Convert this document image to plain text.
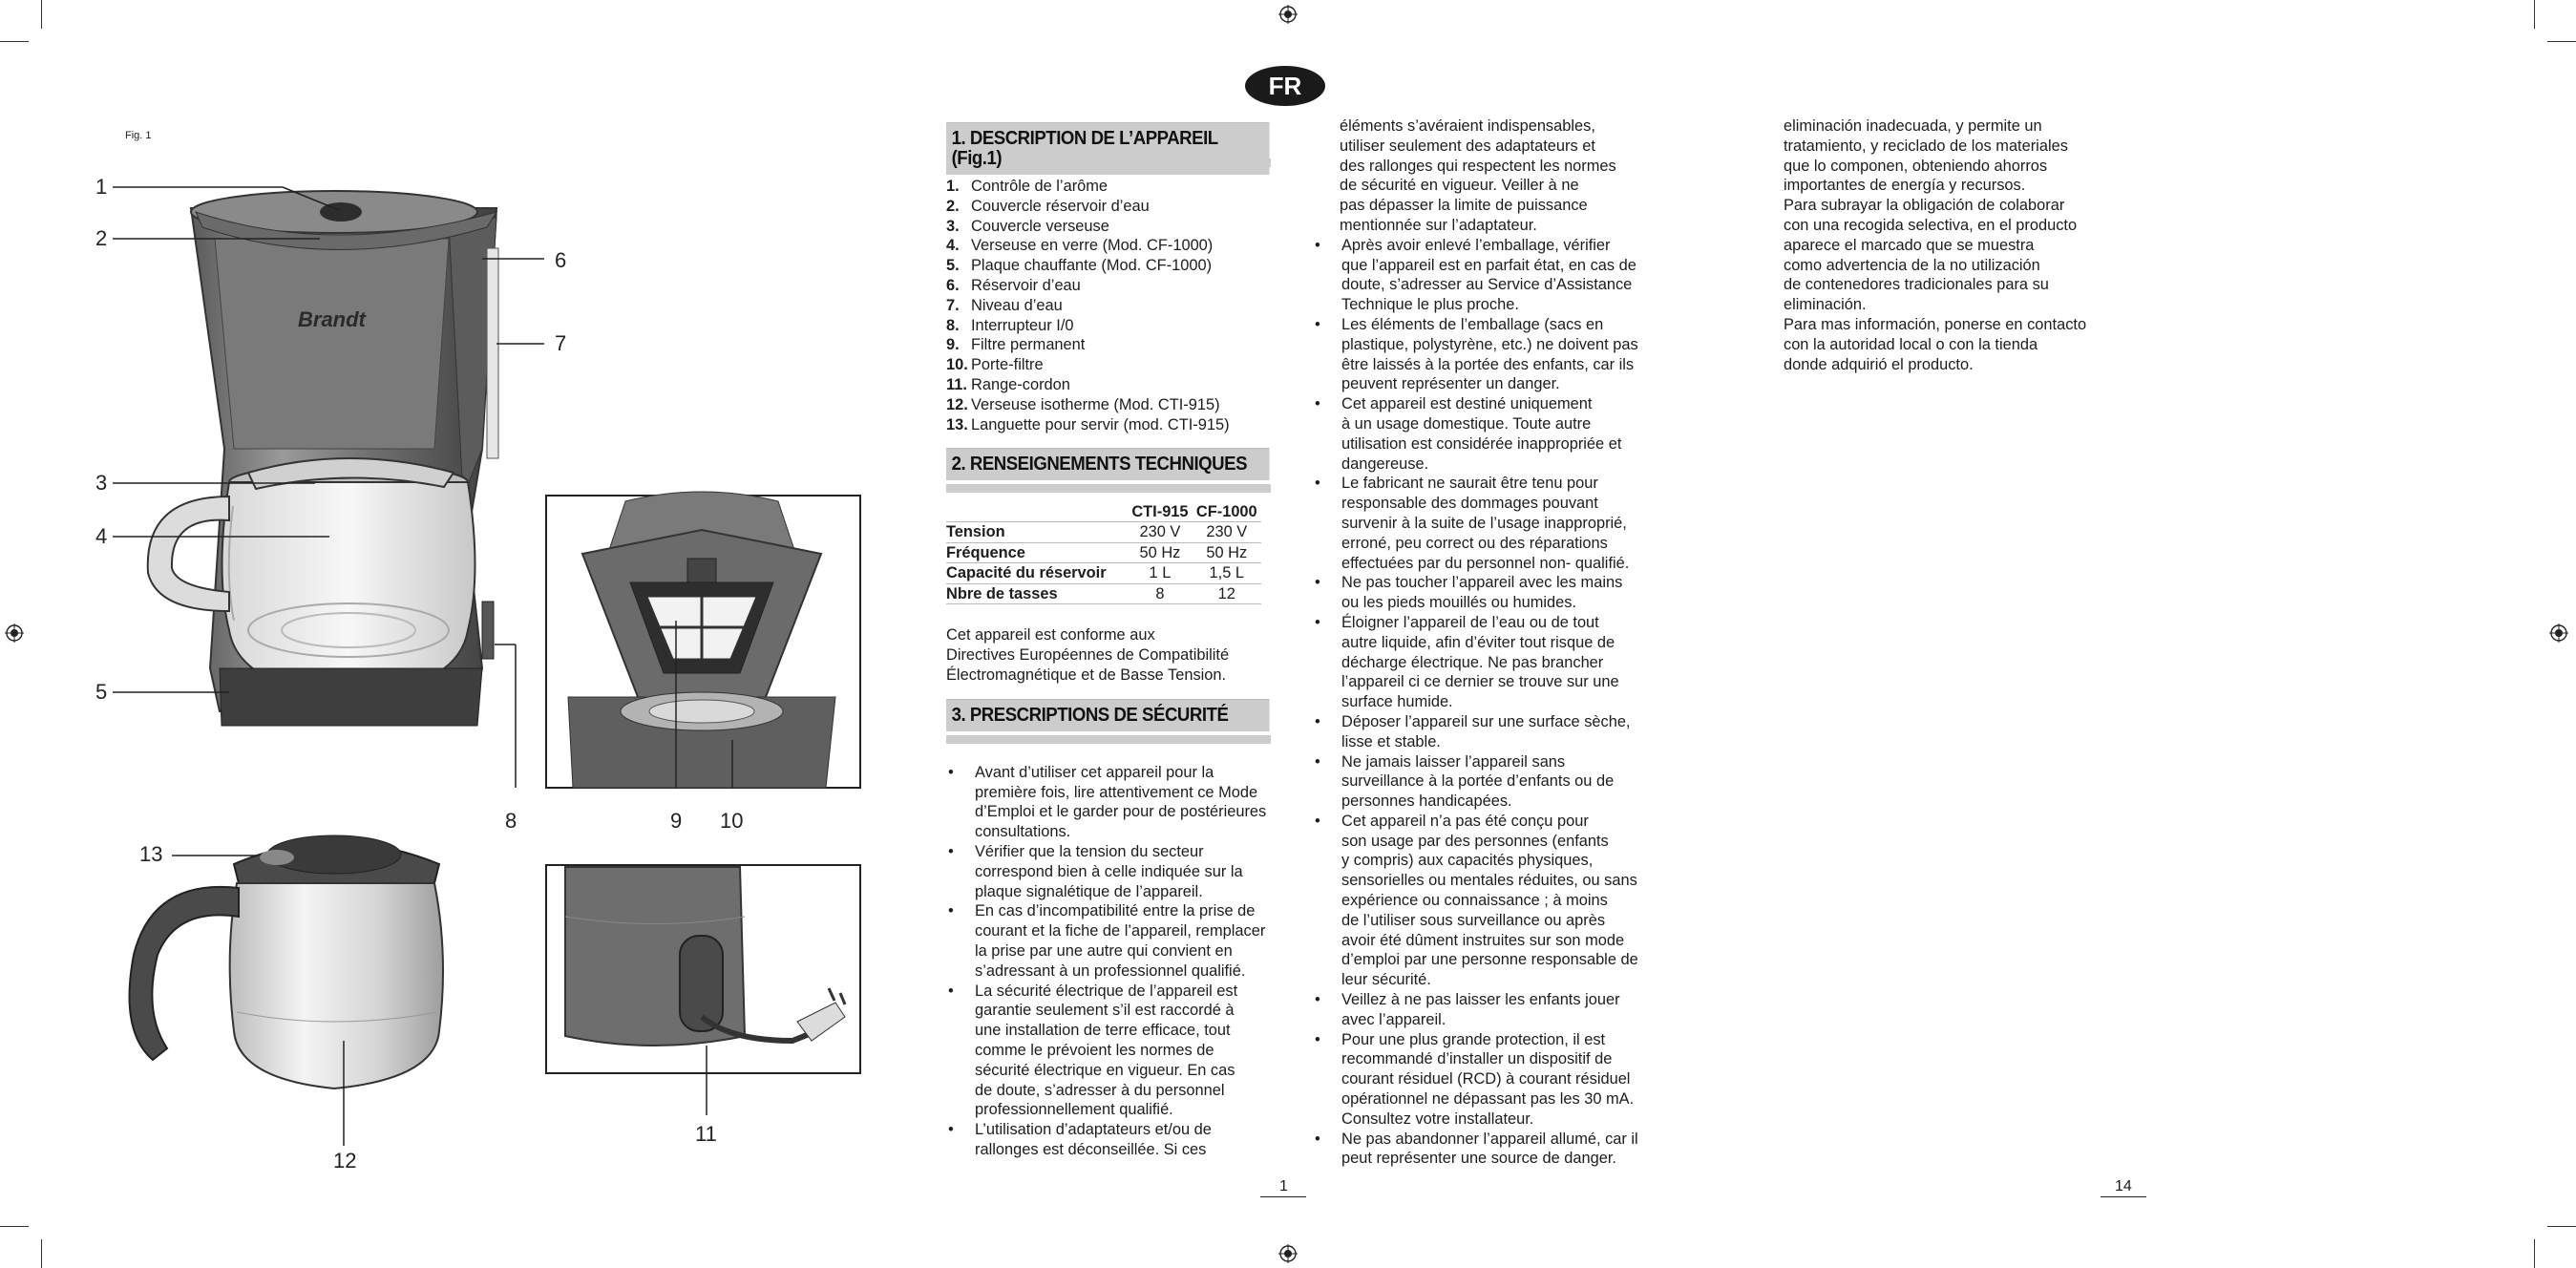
FR
Fig. 1
Brandt
1
2
3
4
5
6
7
8	9 10
11
12
13
1. DESCRIPTION DE L’APPAREIL (Fig.1)
1. Contrôle de l’arôme
2. Couvercle réservoir d’eau
3. Couvercle verseuse
4. Verseuse en verre (Mod. CF-1000)
5. Plaque chauffante (Mod. CF-1000)
6. Réservoir d’eau
7. Niveau d’eau
8. Interrupteur I/0
9. Filtre permanent
10. Porte-filtre
11. Range-cordon
12. Verseuse isotherme (Mod. CTI-915)
13. Languette pour servir (mod. CTI-915)
2. RENSEIGNEMENTS TECHNIQUES
	CTI-915	CF-1000
Tension	230 V	230 V
Fréquence	50 Hz	50 Hz
Capacité du réservoir	1 L	1,5 L
Nbre de tasses	8	12
Cet appareil est conforme aux
Directives Européennes de Compatibilité
Électromagnétique et de Basse Tension.
3. PRESCRIPTIONS DE SÉCURITÉ
•	Avant d’utiliser cet appareil pour la
première fois, lire attentivement ce Mode
d’Emploi et le garder pour de postérieures
consultations.
•	Vérifier que la tension du secteur
correspond bien à celle indiquée sur la
plaque signalétique de l’appareil.
•	En cas d’incompatibilité entre la prise de
courant et la fiche de l’appareil, remplacer
la prise par une autre qui convient en
s’adressant à un professionnel qualifié.
•	La sécurité électrique de l’appareil est
garantie seulement s’il est raccordé à
une installation de terre efficace, tout
comme le prévoient les normes de
sécurité électrique en vigueur. En cas
de doute, s’adresser à du personnel
professionnellement qualifié.
•	L’utilisation d’adaptateurs et/ou de
rallonges est déconseillée. Si ces
éléments s’avéraient indispensables,
utiliser seulement des adaptateurs et
des rallonges qui respectent les normes
de sécurité en vigueur. Veiller à ne
pas dépasser la limite de puissance
mentionnée sur l’adaptateur.
•	Après avoir enlevé l’emballage, vérifier
que l’appareil est en parfait état, en cas de
doute, s’adresser au Service d’Assistance
Technique le plus proche.
•	Les éléments de l’emballage (sacs en
plastique, polystyrène, etc.) ne doivent pas
être laissés à la portée des enfants, car ils
peuvent représenter un danger.
•	Cet appareil est destiné uniquement
à un usage domestique. Toute autre
utilisation est considérée inappropriée et
dangereuse.
•	Le fabricant ne saurait être tenu pour
responsable des dommages pouvant
survenir à la suite de l’usage inapproprié,
erroné, peu correct ou des réparations
effectuées par du personnel non- qualifié.
•	Ne pas toucher l’appareil avec les mains
ou les pieds mouillés ou humides.
•	Éloigner l’appareil de l’eau ou de tout
autre liquide, afin d’éviter tout risque de
décharge électrique. Ne pas brancher
l’appareil ci ce dernier se trouve sur une
surface humide.
•	Déposer l’appareil sur une surface sèche,
lisse et stable.
•	Ne jamais laisser l’appareil sans
surveillance à la portée d’enfants ou de
personnes handicapées.
•	Cet appareil n’a pas été conçu pour
son usage par des personnes (enfants
y compris) aux capacités physiques,
sensorielles ou mentales réduites, ou sans
expérience ou connaissance ; à moins
de l’utiliser sous surveillance ou après
avoir été dûment instruites sur son mode
d’emploi par une personne responsable de
leur sécurité.
•	Veillez à ne pas laisser les enfants jouer
avec l’appareil.
•	Pour une plus grande protection, il est
recommandé d’installer un dispositif de
courant résiduel (RCD) à courant résiduel
opérationnel ne dépassant pas les 30 mA.
Consultez votre installateur.
•	Ne pas abandonner l’appareil allumé, car il
peut représenter une source de danger.
eliminación inadecuada, y permite un
tratamiento, y reciclado de los materiales
que lo componen, obteniendo ahorros
importantes de energía y recursos.
Para subrayar la obligación de colaborar
con una recogida selectiva, en el producto
aparece el marcado que se muestra
como advertencia de la no utilización
de contenedores tradicionales para su
eliminación.
Para mas información, ponerse en contacto
con la autoridad local o con la tienda
donde adquirió el producto.
1	14
